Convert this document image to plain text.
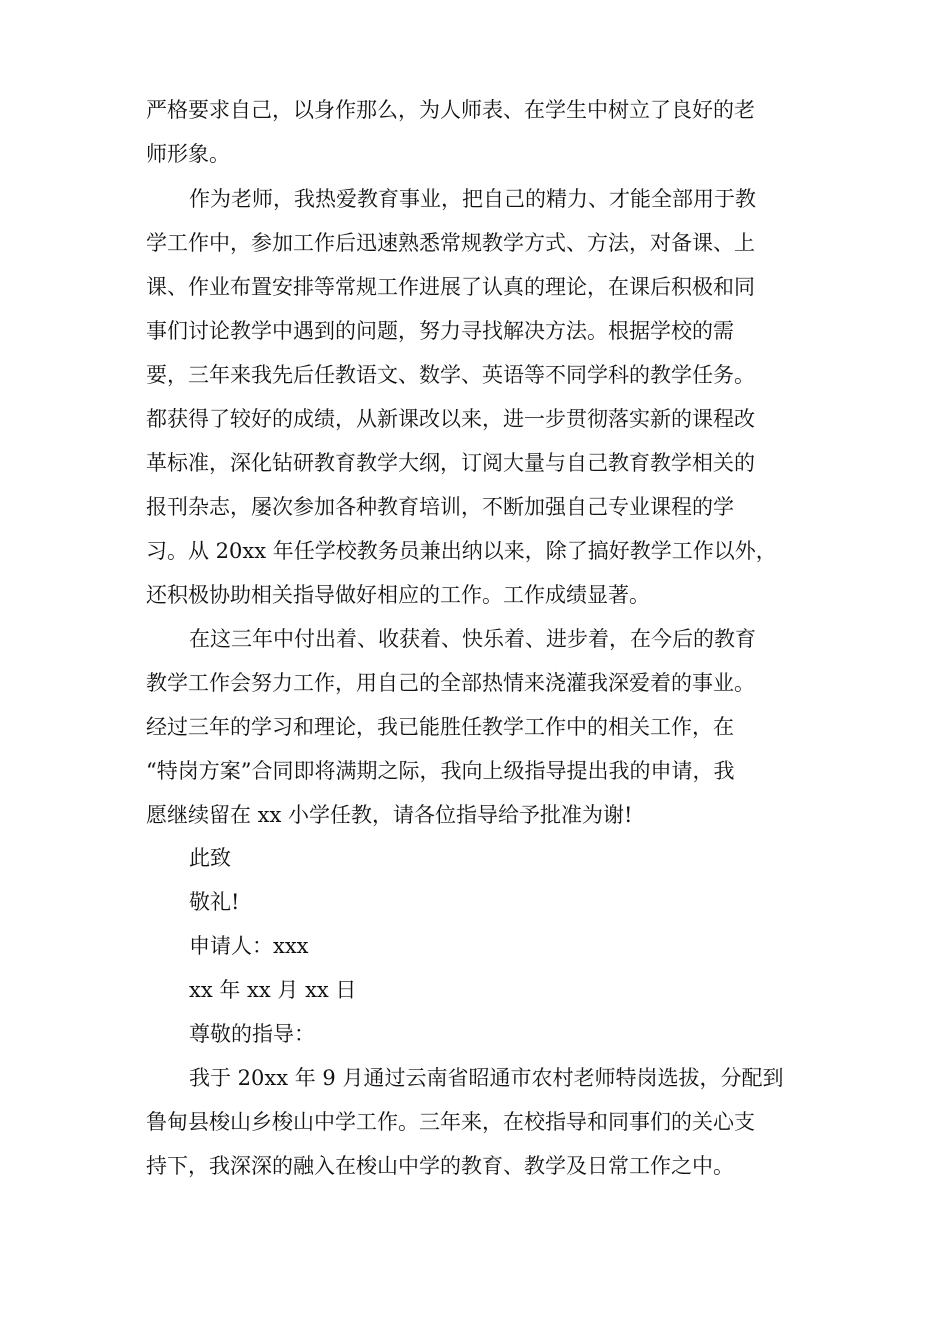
严格要求自己，以身作那么，为人师表、在学生中树立了良好的老
师形象。
作为老师，我热爱教育事业，把自己的精力、才能全部用于教
学工作中，参加工作后迅速熟悉常规教学方式、方法，对备课、上
课、作业布置安排等常规工作进展了认真的理论，在课后积极和同
事们讨论教学中遇到的问题，努力寻找解决方法。根据学校的需
要，三年来我先后任教语文、数学、英语等不同学科的教学任务。
都获得了较好的成绩，从新课改以来，进一步贯彻落实新的课程改
革标准，深化钻研教育教学大纲，订阅大量与自己教育教学相关的
报刊杂志，屡次参加各种教育培训，不断加强自己专业课程的学
习。从 20xx 年任学校教务员兼出纳以来，除了搞好教学工作以外，
还积极协助相关指导做好相应的工作。工作成绩显著。
在这三年中付出着、收获着、快乐着、进步着，在今后的教育
教学工作会努力工作，用自己的全部热情来浇灌我深爱着的事业。
经过三年的学习和理论，我已能胜任教学工作中的相关工作，在
“特岗方案”合同即将满期之际，我向上级指导提出我的申请，我
愿继续留在 xx 小学任教，请各位指导给予批准为谢!
此致
敬礼!
申请人：xxx
xx 年 xx 月 xx 日
尊敬的指导：
我于 20xx 年 9 月通过云南省昭通市农村老师特岗选拔，分配到
鲁甸县梭山乡梭山中学工作。三年来，在校指导和同事们的关心支
持下，我深深的融入在梭山中学的教育、教学及日常工作之中。
